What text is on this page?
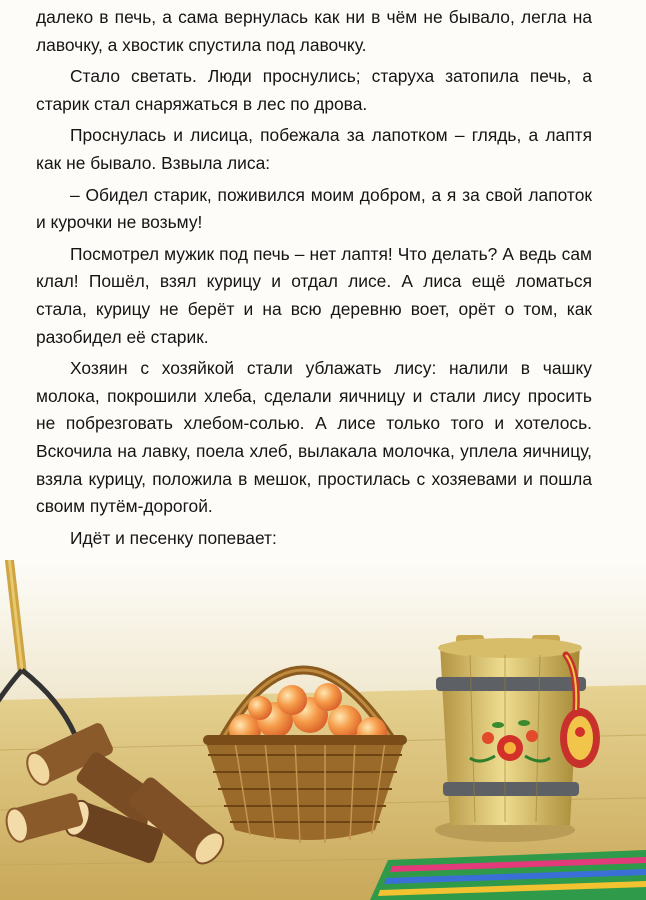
далеко в печь, а сама вернулась как ни в чём не бывало, легла на лавочку, а хвостик спустила под лавочку.

Стало светать. Люди проснулись; старуха затопила печь, а старик стал снаряжаться в лес по дрова.

Проснулась и лисица, побежала за лапотком – глядь, а лаптя как не бывало. Взвыла лиса:

– Обидел старик, поживился моим добром, а я за свой лапоток и курочки не возьму!

Посмотрел мужик под печь – нет лаптя! Что делать? А ведь сам клал! Пошёл, взял курицу и отдал лисе. А лиса ещё ломаться стала, курицу не берёт и на всю деревню воет, орёт о том, как разобидел её старик.

Хозяин с хозяйкой стали ублажать лису: налили в чашку молока, покрошили хлеба, сделали яичницу и стали лису просить не побрезговать хлебом-солью. А лисе только того и хотелось. Вскочила на лавку, поела хлеб, вылакала молочка, уплела яичницу, взяла курицу, положила в мешок, простилась с хозяевами и пошла своим путём-дорогой.

Идёт и песенку попевает:
